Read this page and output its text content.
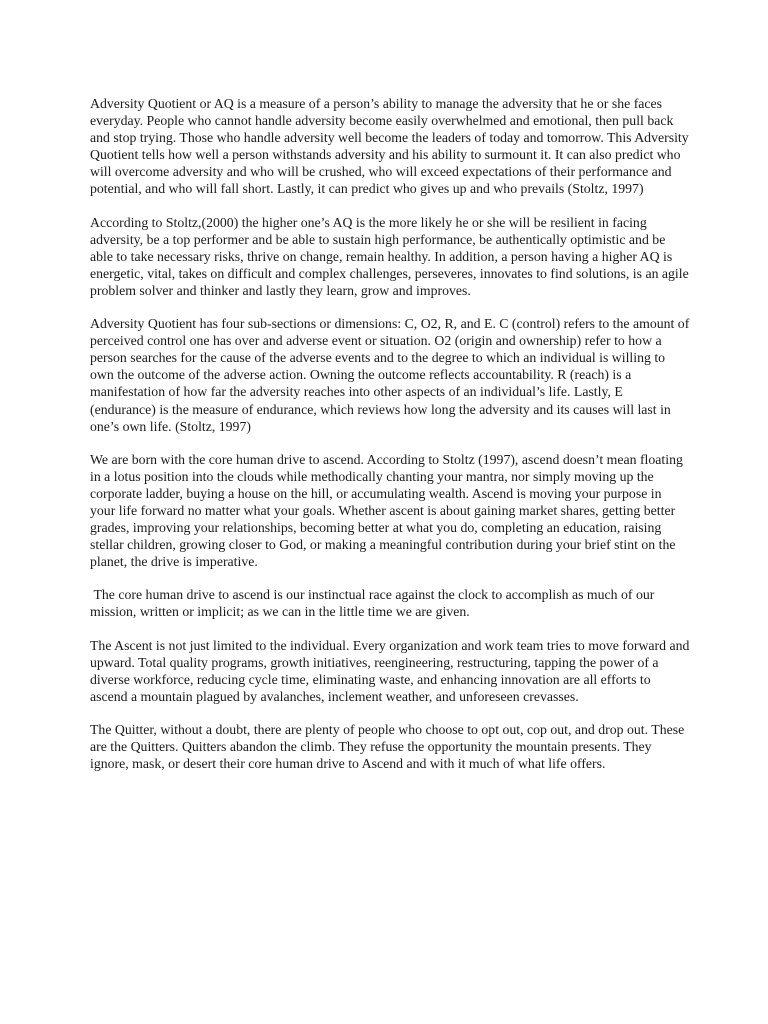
Adversity Quotient or AQ is a measure of a person’s ability to manage the adversity that he or she faces everyday. People who cannot handle adversity become easily overwhelmed and emotional, then pull back and stop trying. Those who handle adversity well become the leaders of today and tomorrow. This Adversity Quotient tells how well a person withstands adversity and his ability to surmount it. It can also predict who will overcome adversity and who will be crushed, who will exceed expectations of their performance and potential, and who will fall short. Lastly, it can predict who gives up and who prevails (Stoltz, 1997)

According to Stoltz,(2000) the higher one’s AQ is the more likely he or she will be resilient in facing adversity, be a top performer and be able to sustain high performance, be authentically optimistic and be able to take necessary risks, thrive on change, remain healthy. In addition, a person having a higher AQ is energetic, vital, takes on difficult and complex challenges, perseveres, innovates to find solutions, is an agile problem solver and thinker and lastly they learn, grow and improves.

Adversity Quotient has four sub-sections or dimensions: C, O2, R, and E. C (control) refers to the amount of perceived control one has over and adverse event or situation. O2 (origin and ownership) refer to how a person searches for the cause of the adverse events and to the degree to which an individual is willing to own the outcome of the adverse action. Owning the outcome reflects accountability. R (reach) is a manifestation of how far the adversity reaches into other aspects of an individual’s life. Lastly, E (endurance) is the measure of endurance, which reviews how long the adversity and its causes will last in one’s own life. (Stoltz, 1997)

We are born with the core human drive to ascend. According to Stoltz (1997), ascend doesn’t mean floating in a lotus position into the clouds while methodically chanting your mantra, nor simply moving up the corporate ladder, buying a house on the hill, or accumulating wealth. Ascend is moving your purpose in your life forward no matter what your goals. Whether ascent is about gaining market shares, getting better grades, improving your relationships, becoming better at what you do, completing an education, raising stellar children, growing closer to God, or making a meaningful contribution during your brief stint on the planet, the drive is imperative.

The core human drive to ascend is our instinctual race against the clock to accomplish as much of our mission, written or implicit; as we can in the little time we are given.

The Ascent is not just limited to the individual. Every organization and work team tries to move forward and upward. Total quality programs, growth initiatives, reengineering, restructuring, tapping the power of a diverse workforce, reducing cycle time, eliminating waste, and enhancing innovation are all efforts to ascend a mountain plagued by avalanches, inclement weather, and unforeseen crevasses.

The Quitter, without a doubt, there are plenty of people who choose to opt out, cop out, and drop out. These are the Quitters. Quitters abandon the climb. They refuse the opportunity the mountain presents. They ignore, mask, or desert their core human drive to Ascend and with it much of what life offers.
